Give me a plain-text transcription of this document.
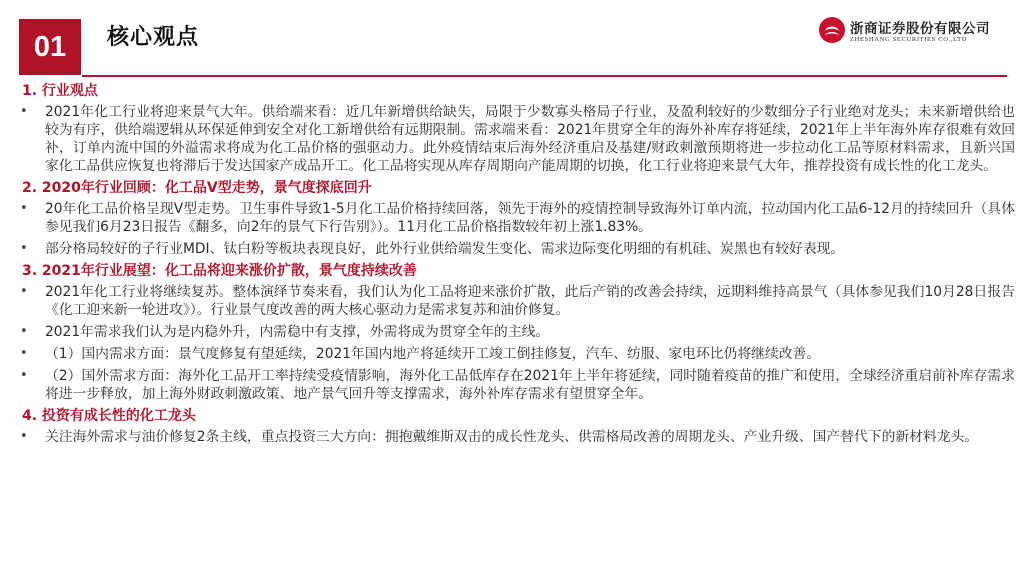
01	核心观点	浙商证券股份有限公司
ZHESHANG SECURITIES CO.,LTD
1. 行业观点
• 2021年化工行业将迎来景气大年。供给端来看：近几年新增供给缺失，局限于少数寡头格局子行业，及盈利较好的少数细分子行业绝对龙头；未来新增供给也较为有序，供给端逻辑从环保延伸到安全对化工新增供给有远期限制。需求端来看：2021年贯穿全年的海外补库存将延续，2021年上半年海外库存很难有效回补，订单内流中国的外溢需求将成为化工品价格的强驱动力。此外疫情结束后海外经济重启及基建/财政刺激预期将进一步拉动化工品等原材料需求，且新兴国家化工品供应恢复也将滞后于发达国家产成品开工。化工品将实现从库存周期向产能周期的切换，化工行业将迎来景气大年，推荐投资有成长性的化工龙头。
2. 2020年行业回顾：化工品V型走势，景气度探底回升
• 20年化工品价格呈现V型走势。卫生事件导致1-5月化工品价格持续回落，领先于海外的疫情控制导致海外订单内流，拉动国内化工品6-12月的持续回升（具体参见我们6月23日报告《翻多，向2年的景气下行告别》）。11月化工品价格指数较年初上涨1.83%。
• 部分格局较好的子行业MDI、钛白粉等板块表现良好，此外行业供给端发生变化、需求边际变化明细的有机硅、炭黑也有较好表现。
3. 2021年行业展望：化工品将迎来涨价扩散，景气度持续改善
• 2021年化工行业将继续复苏。整体演绎节奏来看，我们认为化工品将迎来涨价扩散，此后产销的改善会持续，远期料维持高景气（具体参见我们10月28日报告《化工迎来新一轮进攻》）。行业景气度改善的两大核心驱动力是需求复苏和油价修复。
• 2021年需求我们认为是内稳外升，内需稳中有支撑，外需将成为贯穿全年的主线。
• （1）国内需求方面：景气度修复有望延续，2021年国内地产将延续开工竣工倒挂修复，汽车、纺服、家电环比仍将继续改善。
• （2）国外需求方面：海外化工品开工率持续受疫情影响，海外化工品低库存在2021年上半年将延续，同时随着疫苗的推广和使用，全球经济重启前补库存需求将进一步释放，加上海外财政刺激政策、地产景气回升等支撑需求，海外补库存需求有望贯穿全年。
4. 投资有成长性的化工龙头
• 关注海外需求与油价修复2条主线，重点投资三大方向：拥抱戴维斯双击的成长性龙头、供需格局改善的周期龙头、产业升级、国产替代下的新材料龙头。
